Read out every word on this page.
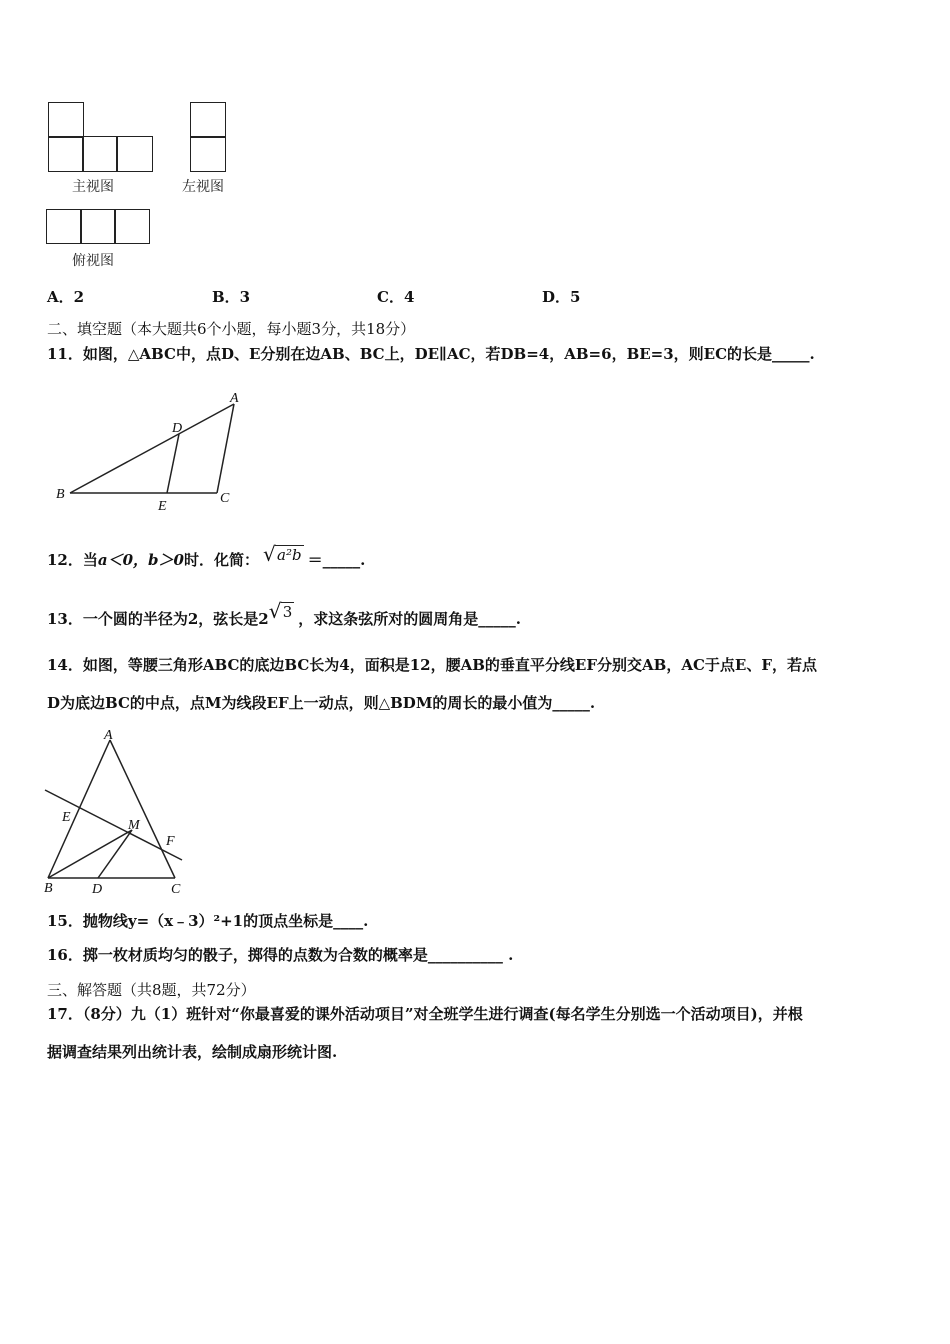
主视图	左视图
俯视图
A．2	B．3	C．4	D．5
二、填空题（本大题共6个小题，每小题3分，共18分）
11．如图，△ABC中，点D、E分别在边AB、BC上，DE∥AC，若DB=4，AB=6，BE=3，则EC的长是_____.
A
B	C
D
E
12．当a＜0，b＞0时．化简： √ a²b ＝_____.
13．一个圆的半径为2，弦长是2 √ 3 ，求这条弦所对的圆周角是_____.
14．如图，等腰三角形ABC的底边BC长为4，面积是12，腰AB的垂直平分线EF分别交AB，AC于点E、F，若点
D为底边BC的中点，点M为线段EF上一动点，则△BDM的周长的最小值为_____.
A
B	C
D
E
F
M
15．抛物线y=（x﹣3）²+1的顶点坐标是____.
16．掷一枚材质均匀的骰子，掷得的点数为合数的概率是__________ .
三、解答题（共8题，共72分）
17．（8分）九（1）班针对“你最喜爱的课外活动项目”对全班学生进行调查(每名学生分别选一个活动项目)，并根
据调查结果列出统计表，绘制成扇形统计图.
